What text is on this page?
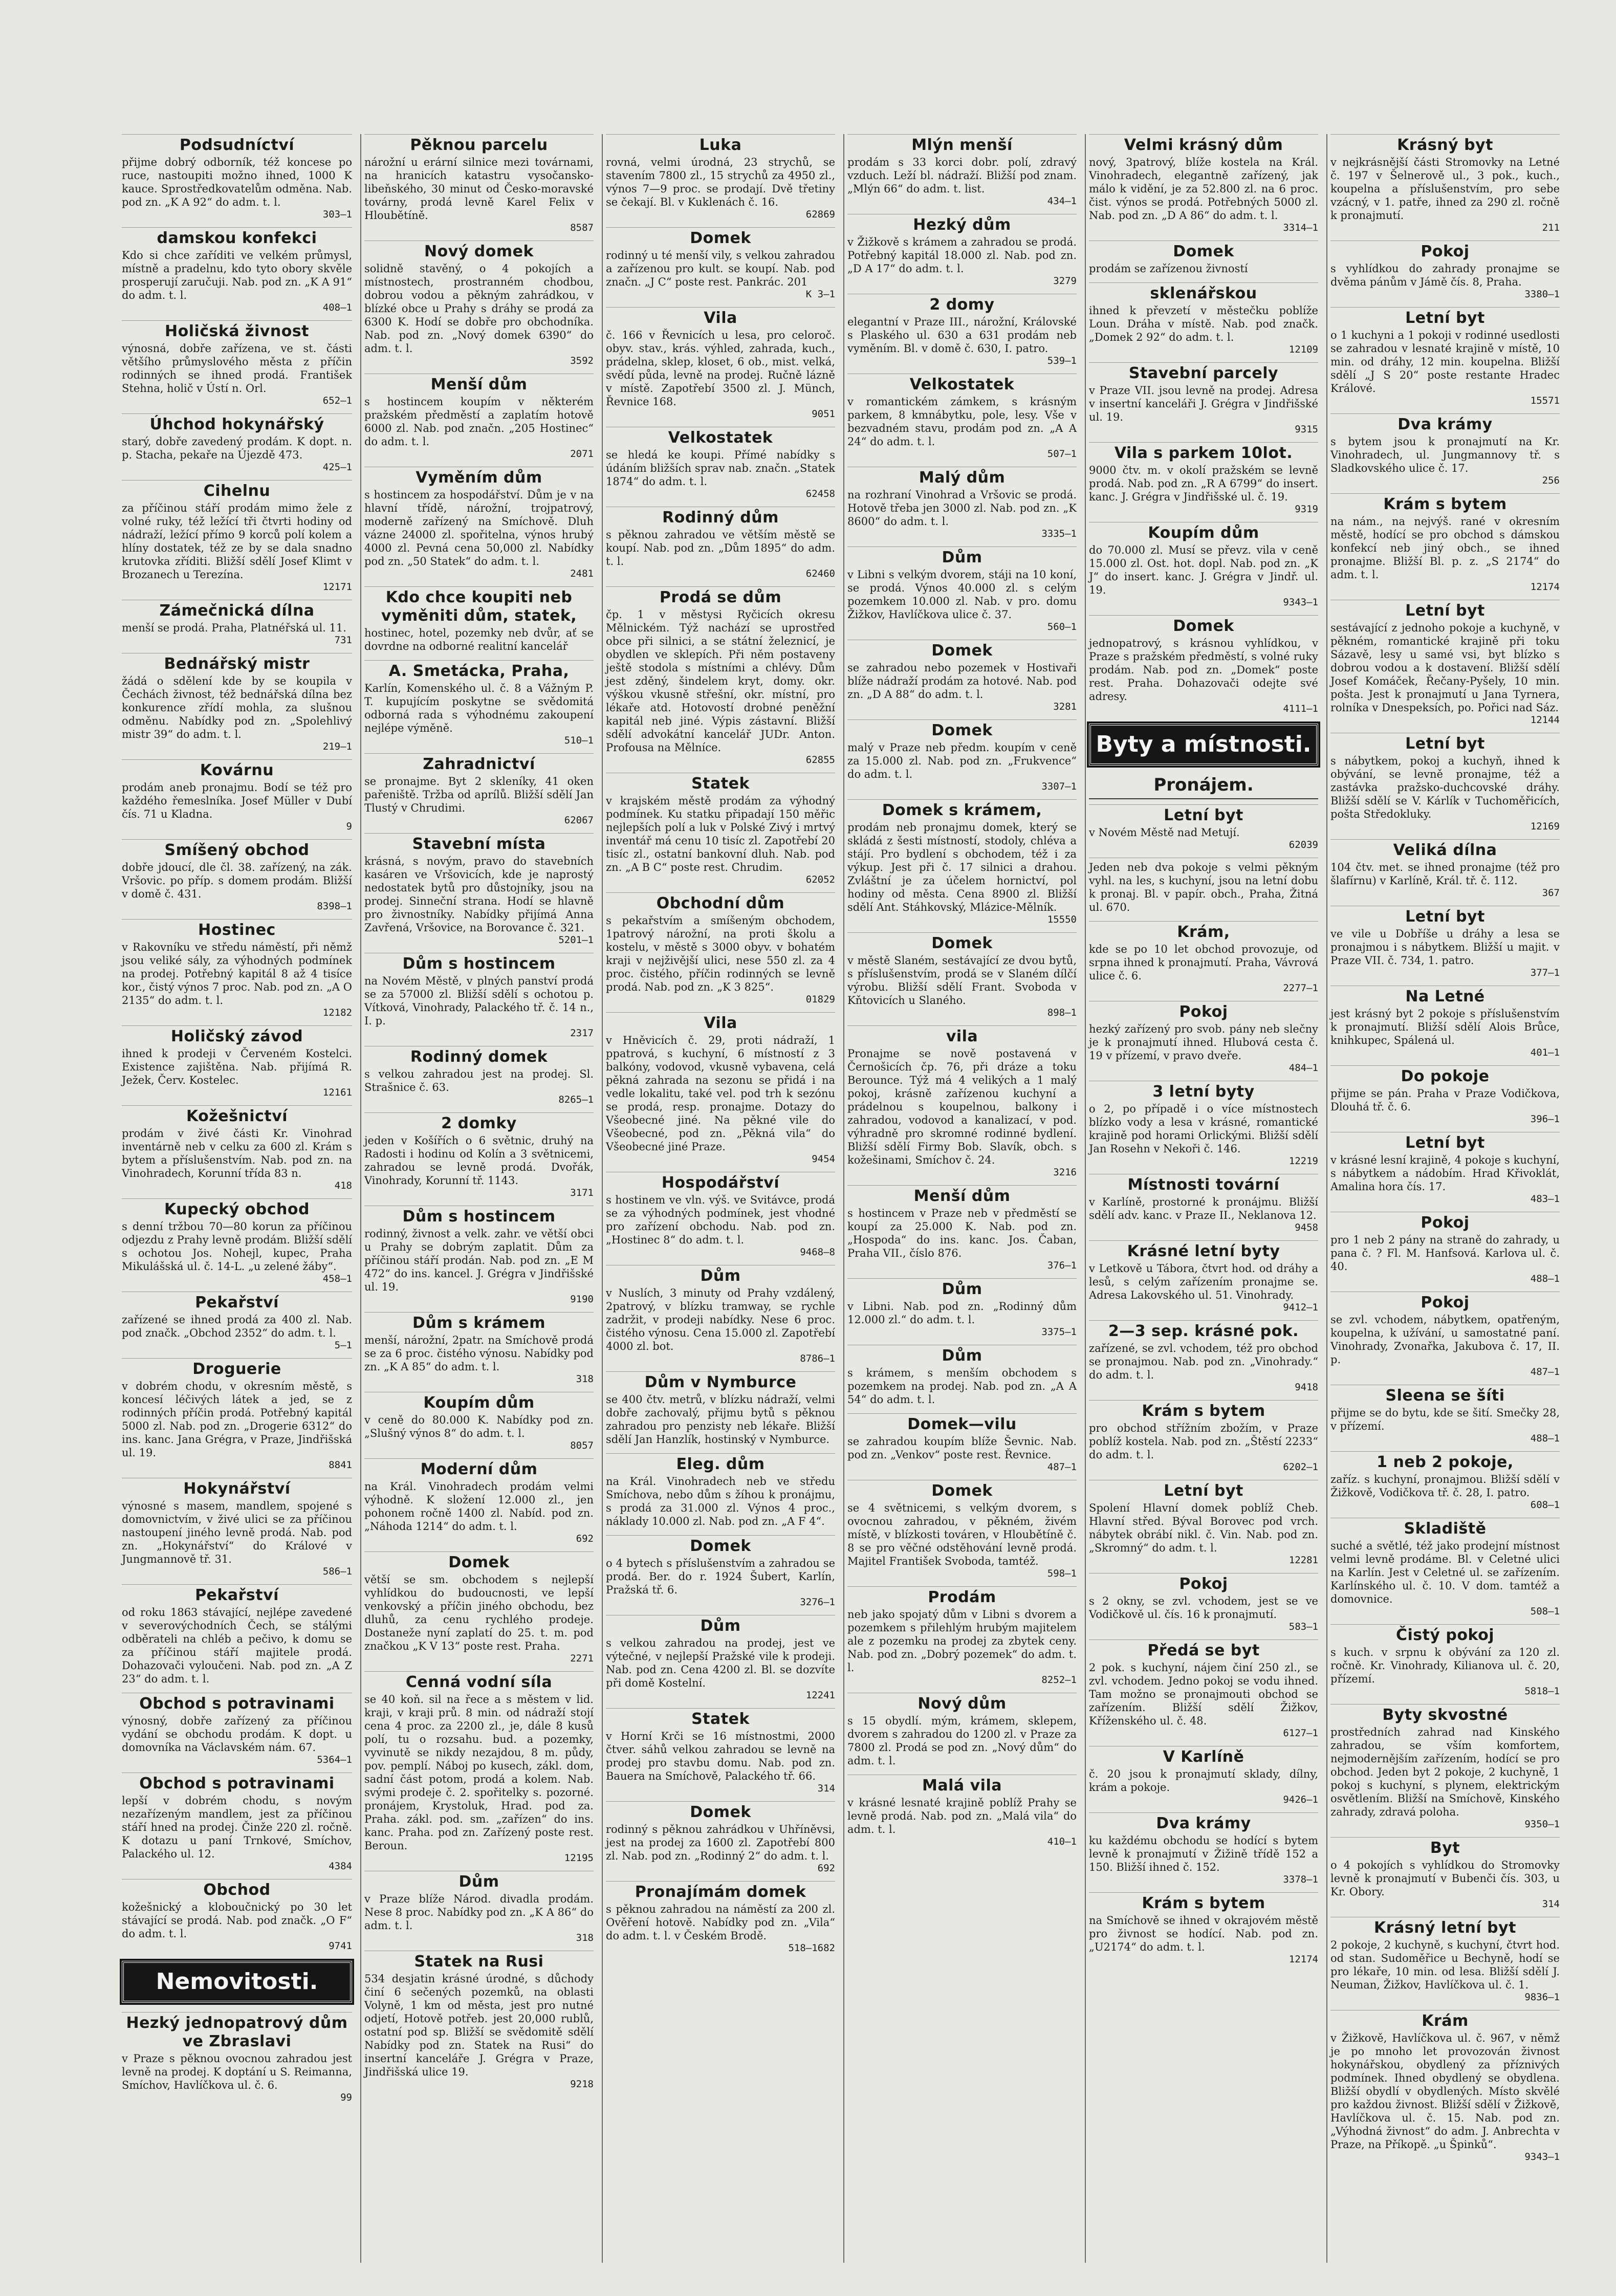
Podsudníctví
přijme dobrý odborník, též koncese po ruce, nastoupiti možno ihned, 1000 K kauce. Sprostředkovatelům odměna. Nab. pod zn. „K A 92“ do adm. t. l.
303—1
damskou konfekci
Kdo si chce zaříditi ve velkém průmysl, místně a pradelnu, kdo tyto obory skvěle prosperují zaručuji. Nab. pod zn. „K A 91“ do adm. t. l.
408—1
Holičská živnost
výnosná, dobře zařízena, ve st. části většího průmyslového města z příčin rodinných se ihned prodá. František Stehna, holič v Ústí n. Orl.
652—1
Úhchod hokynářský
starý, dobře zavedený prodám. K dopt. n. p. Stacha, pekaře na Újezdě 473.
425—1
Cihelnu
za příčinou stáří prodám mimo žele z volné ruky, též ležící tři čtvrti hodiny od nádraží, ležící přímo 9 korců polí kolem a hlíny dostatek, též ze by se dala snadno krutovka zříditi. Bližší sdělí Josef Klimt v Brozanech u Terezína.
12171
Zámečnická dílna
menší se prodá. Praha, Platnéřská ul. 11.
731
Bednářský mistr
žádá o sdělení kde by se koupila v Čechách živnost, též bednářská dílna bez konkurence zřídí mohla, za slušnou odměnu. Nabídky pod zn. „Spolehlivý mistr 39“ do adm. t. l.
219—1
Kovárnu
prodám aneb pronajmu. Bodí se též pro každého řemeslníka. Josef Müller v Dubí čís. 71 u Kladna.
9
Smíšený obchod
dobře jdoucí, dle čl. 38. zařízený, na zák. Vršovic. po příp. s domem prodám. Bližší v domě č. 431.
8398—1
Hostinec
v Rakovníku ve středu náměstí, při němž jsou veliké sály, za výhodných podmínek na prodej. Potřebný kapitál 8 až 4 tisíce kor., čistý výnos 7 proc. Nab. pod zn. „A O 2135“ do adm. t. l.
12182
Holičský závod
ihned k prodeji v Červeném Kostelci. Existence zajištěna. Nab. přijímá R. Ježek, Červ. Kostelec.
12161
Kožešnictví
prodám v živé části Kr. Vinohrad inventárně neb v celku za 600 zl. Krám s bytem a příslušenstvím. Nab. pod zn. na Vinohradech, Korunní třída 83 n.
418
Kupecký obchod
s denní tržbou 70—80 korun za příčinou odjezdu z Prahy levně prodám. Bližší sdělí s ochotou Jos. Nohejl, kupec, Praha Mikulášská ul. č. 14-L. „u zelené žáby“.
458—1
Pekařství
zařízené se ihned prodá za 400 zl. Nab. pod značk. „Obchod 2352“ do adm. t. l.
5—1
Droguerie
v dobrém chodu, v okresním městě, s koncesí léčivých látek a jed, se z rodinných příčin prodá. Potřebný kapitál 5000 zl. Nab. pod zn. „Drogerie 6312“ do ins. kanc. Jana Grégra, v Praze, Jindřišská ul. 19.
8841
Hokynářství
výnosné s masem, mandlem, spojené s domovnictvím, v živé ulici se za příčinou nastoupení jiného levně prodá. Nab. pod zn. „Hokynářství“ do Králové v Jungmannově tř. 31.
586—1
Pekařství
od roku 1863 stávající, nejlépe zavedené v severovýchodních Čech, se stálými odběrateli na chléb a pečivo, k domu se za příčinou stáří majitele prodá. Dohazovači vyloučeni. Nab. pod zn. „A Z 23“ do adm. t. l.
Obchod s potravinami
výnosný, dobře zařízený za příčinou vydání se obchodu prodám. K dopt. u domovníka na Václavském nám. 67.
5364—1
Obchod s potravinami
lepší v dobrém chodu, s novým nezařízeným mandlem, jest za příčinou stáří hned na prodej. Činže 220 zl. ročně. K dotazu u paní Trnkové, Smíchov, Palackého ul. 12.
4384
Obchod
kožešnický a kloboučnický po 30 let stávající se prodá. Nab. pod značk. „O F“ do adm. t. l.
9741
Nemovitosti.
Hezký jednopatrový dům ve Zbraslavi
v Praze s pěknou ovocnou zahradou jest levně na prodej. K doptání u S. Reimanna, Smíchov, Havlíčkova ul. č. 6.
99
Pěknou parcelu
nárožní u erární silnice mezi továrnami, na hranicích katastru vysočansko-libeňského, 30 minut od Česko-moravské továrny, prodá levně Karel Felix v Hloubětíně.
8587
Nový domek
solidně stavěný, o 4 pokojích a místnostech, prostranném chodbou, dobrou vodou a pěkným zahrádkou, v blízké obce u Prahy s dráhy se prodá za 6300 K. Hodí se dobře pro obchodníka. Nab. pod zn. „Nový domek 6390“ do adm. t. l.
3592
Menší dům
s hostincem koupím v některém pražském předměstí a zaplatím hotově 6000 zl. Nab. pod značn. „205 Hostinec“ do adm. t. l.
2071
Vyměním dům
s hostincem za hospodářství. Dům je v na hlavní třídě, nárožní, trojpatrový, moderně zařízený na Smíchově. Dluh vázne 24000 zl. spořitelna, výnos hrubý 4000 zl. Pevná cena 50,000 zl. Nabídky pod zn. „50 Statek“ do adm. t. l.
2481
Kdo chce koupiti neb vyměniti dům, statek,
hostinec, hotel, pozemky neb dvůr, ať se dovrdne na odborné realitní kancelář
A. Smetácka, Praha,
Karlín, Komenského ul. č. 8 a Vážným P. T. kupujícím poskytne se svědomitá odborná rada s výhodnému zakoupení nejlépe výměně.
510—1
Zahradnictví
se pronajme. Byt 2 skleníky, 41 oken pařeniště. Tržba od aprílů. Bližší sdělí Jan Tlustý v Chrudimi.
62067
Stavební místa
krásná, s novým, pravo do stavebních kasáren ve Vršovicích, kde je naprostý nedostatek bytů pro důstojníky, jsou na prodej. Sinneční strana. Hodí se hlavně pro živnostníky. Nabídky přijímá Anna Zavřená, Vršovice, na Borovance č. 321.
5201—1
Dům s hostincem
na Novém Městě, v plných panství prodá se za 57000 zl. Bližší sdělí s ochotou p. Vítková, Vinohrady, Palackého tř. č. 14 n., I. p.
2317
Rodinný domek
s velkou zahradou jest na prodej. Sl. Strašnice č. 63.
8265—1
2 domky
jeden v Košířích o 6 světnic, druhý na Radosti i hodinu od Kolín a 3 světnicemi, zahradou se levně prodá. Dvořák, Vinohrady, Korunní tř. 1143.
3171
Dům s hostincem
rodinný, živnost a velk. zahr. ve větší obci u Prahy se dobrým zaplatit. Dům za příčinou stáří prodán. Nab. pod zn. „E M 472“ do ins. kancel. J. Grégra v Jindřišské ul. 19.
9190
Dům s krámem
menší, nárožní, 2patr. na Smíchově prodá se za 6 proc. čistého výnosu. Nabídky pod zn. „K A 85“ do adm. t. l.
318
Koupím dům
v ceně do 80.000 K. Nabídky pod zn. „Slušný výnos 8“ do adm. t. l.
8057
Moderní dům
na Král. Vinohradech prodám velmi výhodně. K složení 12.000 zl., jen pohonem ročně 1400 zl. Nabíd. pod zn. „Náhoda 1214“ do adm. t. l.
692
Domek
větší se sm. obchodem s nejlepší vyhlídkou do budoucnosti, ve lepší venkovský a příčin jiného obchodu, bez dluhů, za cenu rychlého prodeje. Dostaneže nyní zaplatí do 25. t. m. pod značkou „K V 13“ poste rest. Praha.
2271
Cenná vodní síla
se 40 koň. sil na řece a s městem v lid. kraji, v kraji prů. 8 min. od nádraží stojí cena 4 proc. za 2200 zl., je, dále 8 kusů polí, tu o rozsahu. bud. a pozemky, vyvinutě se nikdy nezajdou, 8 m. půdy, pov. pemplí. Náboj po kusech, zákl. dom, sadní část potom, prodá a kolem. Nab. svými prodeje č. 2. spořitelky s. pozorné. pronájem, Krystoluk, Hrad. pod za. Praha. zákl. pod. sm. „zařízen“ do ins. kanc. Praha. pod zn. Zařízený poste rest. Beroun.
12195
Dům
v Praze blíže Národ. divadla prodám. Nese 8 proc. Nabídky pod zn. „K A 86“ do adm. t. l.
318
Statek na Rusi
534 desjatin krásné úrodné, s důchody činí 6 sečených pozemků, na oblasti Volyně, 1 km od města, jest pro nutné odjetí, Hotově potřeb. jest 20,000 rublů, ostatní pod sp. Bližší se svědomitě sdělí Nabídky pod zn. Statek na Rusi“ do insertní kanceláře J. Grégra v Praze, Jindřišská ulice 19.
9218
Luka
rovná, velmi úrodná, 23 strychů, se stavením 7800 zl., 15 strychů za 4950 zl., výnos 7—9 proc. se prodají. Dvě třetiny se čekají. Bl. v Kuklenách č. 16.
62869
Domek
rodinný u té menší vily, s velkou zahradou a zařízenou pro kult. se koupí. Nab. pod značn. „J C“ poste rest. Pankrác. 201
K 3—1
Vila
č. 166 v Řevnicích u lesa, pro celoroč. obyv. stav., krás. výhled, zahrada, kuch., prádelna, sklep, kloset, 6 ob., mist. velká, svědí půda, levně na prodej. Ručně lázně v místě. Zapotřebí 3500 zl. J. Münch, Řevnice 168.
9051
Velkostatek
se hledá ke koupi. Přímé nabídky s údáním bližších sprav nab. značn. „Statek 1874“ do adm. t. l.
62458
Rodinný dům
s pěknou zahradou ve větším městě se koupí. Nab. pod zn. „Dům 1895“ do adm. t. l.
62460
Prodá se dům
čp. 1 v městysi Ryčicích okresu Mělnickém. Týž nachází se uprostřed obce při silnici, a se státní železnicí, je obydlen ve sklepích. Při něm postaveny ještě stodola s místními a chlévy. Dům jest zděný, šindelem kryt, domy. okr. výškou vkusně střešní, okr. místní, pro lékaře atd. Hotovostí drobné peněžní kapitál neb jiné. Výpis zástavní. Bližší sdělí advokátní kancelář JUDr. Anton. Profousa na Mělníce.
62855
Statek
v krajském městě prodám za výhodný podmínek. Ku statku připadají 150 měřic nejlepších polí a luk v Polské Zivý i mrtvý inventář má cenu 10 tisíc zl. Zapotřebí 20 tisíc zl., ostatní bankovní dluh. Nab. pod zn. „A B C“ poste rest. Chrudim.
62052
Obchodní dům
s pekařstvím a smíšeným obchodem, 1patrový nárožní, na proti školu a kostelu, v městě s 3000 obyv. v bohatém kraji v nejživější ulici, nese 550 zl. za 4 proc. čistého, příčin rodinných se levně prodá. Nab. pod zn. „K 3 825“.
01829
Vila
v Hněvicích č. 29, proti nádraží, 1 ppatrová, s kuchyní, 6 místností z 3 balkóny, vodovod, vkusně vybavena, celá pěkná zahrada na sezonu se přidá i na vedle lokalitu, také vel. pod trh k sezónu se prodá, resp. pronajme. Dotazy do Všeobecné jiné. Na pěkné vile do Všeobecné, pod zn. „Pěkná vila“ do Všeobecné jiné Praze.
9454
Hospodářství
s hostinem ve vln. výš. ve Svitávce, prodá se za výhodných podmínek, jest vhodné pro zařízení obchodu. Nab. pod zn. „Hostinec 8“ do adm. t. l.
9468—8
Dům
v Nuslích, 3 minuty od Prahy vzdálený, 2patrový, v blízku tramway, se rychle zadržit, v prodeji nabídky. Nese 6 proc. čistého výnosu. Cena 15.000 zl. Zapotřebí 4000 zl. bot.
8786—1
Dům v Nymburce
se 400 čtv. metrů, v blízku nádraží, velmi dobře zachovalý, přijmu bytů s pěknou zahradou pro penzisty neb lékaře. Bližší sdělí Jan Hanzlík, hostinský v Nymburce.
Eleg. dům
na Král. Vinohradech neb ve středu Smíchova, nebo dům s žíhou k pronájmu, s prodá za 31.000 zl. Výnos 4 proc., náklady 10.000 zl. Nab. pod zn. „A F 4“.
Domek
o 4 bytech s příslušenstvím a zahradou se prodá. Ber. do r. 1924 Šubert, Karlín, Pražská tř. 6.
3276—1
Dům
s velkou zahradou na prodej, jest ve výtečné, v nejlepší Pražské vile k prodeji. Nab. pod zn. Cena 4200 zl. Bl. se dozvíte při domě Kostelní.
12241
Statek
v Horní Krči se 16 místnostmi, 2000 čtver. sáhů velkou zahradou se levně na prodej pro stavbu domu. Nab. pod zn. Bauera na Smíchově, Palackého tř. 66.
314
Domek
rodinný s pěknou zahrádkou v Uhříněvsi, jest na prodej za 1600 zl. Zapotřebí 800 zl. Nab. pod zn. „Rodinný 2“ do adm. t. l.
692
Pronajímám domek
s pěknou zahradou na náměstí za 200 zl. Ověření hotově. Nabídky pod zn. „Vila“ do adm. t. l. v Českém Brodě.
518—1682
Mlýn menší
prodám s 33 korci dobr. polí, zdravý vzduch. Leží bl. nádraží. Bližší pod znam. „Mlýn 66“ do adm. t. list.
434—1
Hezký dům
v Žižkově s krámem a zahradou se prodá. Potřebný kapitál 18.000 zl. Nab. pod zn. „D A 17“ do adm. t. l.
3279
2 domy
elegantní v Praze III., nárožní, Královské s Plaského ul. 630 a 631 prodám neb vyměním. Bl. v domě č. 630, I. patro.
539—1
Velkostatek
v romantickém zámkem, s krásným parkem, 8 kmnábytku, pole, lesy. Vše v bezvadném stavu, prodám pod zn. „A A 24“ do adm. t. l.
507—1
Malý dům
na rozhraní Vinohrad a Vršovic se prodá. Hotově třeba jen 3000 zl. Nab. pod zn. „K 8600“ do adm. t. l.
3335—1
Dům
v Libni s velkým dvorem, stáji na 10 koní, se prodá. Výnos 40.000 zl. s celým pozemkem 10.000 zl. Nab. v pro. domu Žižkov, Havlíčkova ulice č. 37.
560—1
Domek
se zahradou nebo pozemek v Hostivaři blíže nádraží prodám za hotové. Nab. pod zn. „D A 88“ do adm. t. l.
3281
Domek
malý v Praze neb předm. koupím v ceně za 15.000 zl. Nab. pod zn. „Frukvence“ do adm. t. l.
3307—1
Domek s krámem,
prodám neb pronajmu domek, který se skládá z šesti místností, stodoly, chléva a stájí. Pro bydlení s obchodem, též i za výkup. Jest při č. 17 silnici a drahou. Zvláštní je za účelem hornictví, pol hodiny od města. Cena 8900 zl. Bližší sdělí Ant. Stáhkovský, Mlázice-Mělník.
15550
Domek
v městě Slaném, sestávající ze dvou bytů, s příslušenstvím, prodá se v Slaném dílčí výrobu. Bližší sdělí Frant. Svoboda v Kňtovicích u Slaného.
898—1
vila
Pronajme se nově postavená v Černošicích čp. 76, při dráze a toku Berounce. Týž má 4 velikých a 1 malý pokoj, krásně zařízenou kuchyní a prádelnou s koupelnou, balkony i zahradou, vodovod a kanalizací, v pod. výhradně pro skromné rodinné bydlení. Bližší sdělí Firmy Bob. Slavík, obch. s kožešinami, Smíchov č. 24.
3216
Menší dům
s hostincem v Praze neb v předměstí se koupí za 25.000 K. Nab. pod zn. „Hospoda“ do ins. kanc. Jos. Čaban, Praha VII., číslo 876.
376—1
Dům
v Libni. Nab. pod zn. „Rodinný dům 12.000 zl.“ do adm. t. l.
3375—1
Dům
s krámem, s menším obchodem s pozemkem na prodej. Nab. pod zn. „A A 54“ do adm. t. l.
Domek—vilu
se zahradou koupím blíže Ševnic. Nab. pod zn. „Venkov“ poste rest. Řevnice.
487—1
Domek
se 4 světnicemi, s velkým dvorem, s ovocnou zahradou, v pěkném, živém místě, v blízkosti továren, v Hloubětíně č. 8 se pro věčné odstěhování levně prodá. Majitel František Svoboda, tamtéž.
598—1
Prodám
neb jako spojatý dům v Libni s dvorem a pozemkem s přilehlým hrubým majitelem ale z pozemku na prodej za zbytek ceny. Nab. pod zn. „Dobrý pozemek“ do adm. t. l.
8252—1
Nový dům
s 15 obydlí. mým, krámem, sklepem, dvorem s zahradou do 1200 zl. v Praze za 7800 zl. Prodá se pod zn. „Nový dům“ do adm. t. l.
Malá vila
v krásné lesnaté krajině poblíž Prahy se levně prodá. Nab. pod zn. „Malá vila“ do adm. t. l.
410—1
Velmi krásný dům
nový, 3patrový, blíže kostela na Král. Vinohradech, elegantně zařízený, jak málo k vidění, je za 52.800 zl. na 6 proc. čist. výnos se prodá. Potřebných 5000 zl. Nab. pod zn. „D A 86“ do adm. t. l.
3314—1
Domek
prodám se zařízenou živností
sklenářskou
ihned k převzetí v městečku poblíže Loun. Dráha v místě. Nab. pod značk. „Domek 2 92“ do adm. t. l.
12109
Stavební parcely
v Praze VII. jsou levně na prodej. Adresa v insertní kanceláři J. Grégra v Jindřišské ul. 19.
9315
Vila s parkem 10lot.
9000 čtv. m. v okolí pražském se levně prodá. Nab. pod zn. „R A 6799“ do insert. kanc. J. Grégra v Jindřišské ul. č. 19.
9319
Koupím dům
do 70.000 zl. Musí se převz. vila v ceně 15.000 zl. Ost. hot. dopl. Nab. pod zn. „K J“ do insert. kanc. J. Grégra v Jindř. ul. 19.
9343—1
Domek
jednopatrový, s krásnou vyhlídkou, v Praze s pražském předměstí, s volné ruky prodám. Nab. pod zn. „Domek“ poste rest. Praha. Dohazovači odejte své adresy.
4111—1
Byty a místnosti.
Pronájem.
Letní byt
v Novém Městě nad Metují.
62039
Jeden neb dva pokoje s velmi pěkným vyhl. na les, s kuchyní, jsou na letní dobu k pronaj. Bl. v papír. obch., Praha, Žitná ul. 670.
Krám,
kde se po 10 let obchod provozuje, od srpna ihned k pronajmutí. Praha, Vávrová ulice č. 6.
2277—1
Pokoj
hezký zařízený pro svob. pány neb slečny je k pronajmutí ihned. Hlubová cesta č. 19 v přízemí, v pravo dveře.
484—1
3 letní byty
o 2, po případě i o více místnostech blízko vody a lesa v krásné, romantické krajině pod horami Orlickými. Bližší sdělí Jan Rosehn v Nekoři č. 146.
12219
Místnosti tovární
v Karlíně, prostorné k pronájmu. Bližší sdělí adv. kanc. v Praze II., Neklanova 12.
9458
Krásné letní byty
v Letkově u Tábora, čtvrt hod. od dráhy a lesů, s celým zařízením pronajme se. Adresa Lakovského ul. 51. Vinohrady.
9412—1
2—3 sep. krásné pok.
zařízené, se zvl. vchodem, též pro obchod se pronajmou. Nab. pod zn. „Vinohrady.“ do adm. t. l.
9418
Krám s bytem
pro obchod střížním zbožím, v Praze poblíž kostela. Nab. pod zn. „Štěstí 2233“ do adm. t. l.
6202—1
Letní byt
Spolení Hlavní domek poblíž Cheb. Hlavní střed. Býval Borovec pod vrch. nábytek obrábí nikl. č. Vin. Nab. pod zn. „Skromný“ do adm. t. l.
12281
Pokoj
s 2 okny, se zvl. vchodem, jest se ve Vodičkově ul. čís. 16 k pronajmutí.
583—1
Předá se byt
2 pok. s kuchyní, nájem činí 250 zl., se zvl. vchodem. Jedno pokoj se vodu ihned. Tam možno se pronajmouti obchod se zařízením. Bližší sdělí Žižkov, Kříženského ul. č. 48.
6127—1
V Karlíně
č. 20 jsou k pronajmutí sklady, dílny, krám a pokoje.
9426—1
Dva krámy
ku každému obchodu se hodící s bytem levně k pronajmutí v Žižině třídě 152 a 150. Bližší ihned č. 152.
3378—1
Krám s bytem
na Smíchově se ihned v okrajovém městě pro živnost se hodící. Nab. pod zn. „U2174“ do adm. t. l.
12174
Krásný byt
v nejkrásnější části Stromovky na Letné č. 197 v Šelnerově ul., 3 pok., kuch., koupelna a příslušenstvím, pro sebe vzácný, v 1. patře, ihned za 290 zl. ročně k pronajmutí.
211
Pokoj
s vyhlídkou do zahrady pronajme se dvěma pánům v Jámě čís. 8, Praha.
3380—1
Letní byt
o 1 kuchyni a 1 pokoji v rodinné usedlosti se zahradou v lesnaté krajině v místě, 10 min. od dráhy, 12 min. koupelna. Bližší sdělí „J S 20“ poste restante Hradec Králové.
15571
Dva krámy
s bytem jsou k pronajmutí na Kr. Vinohradech, ul. Jungmannovy tř. s Sladkovského ulice č. 17.
256
Krám s bytem
na nám., na nejvýš. rané v okresním městě, hodící se pro obchod s dámskou konfekcí neb jiný obch., se ihned pronajme. Bližší Bl. p. z. „S 2174“ do adm. t. l.
12174
Letní byt
sestávající z jednoho pokoje a kuchyně, v pěkném, romantické krajině při toku Sázavě, lesy u samé vsi, byt blízko s dobrou vodou a k dostavení. Bližší sdělí Josef Komáček, Řečany-Pyšely, 10 min. pošta. Jest k pronajmutí u Jana Tyrnera, rolníka v Dnespeksích, po. Pořici nad Sáz.
12144
Letní byt
s nábytkem, pokoj a kuchyň, ihned k obývání, se levně pronajme, též a zastávka pražsko-duchcovské dráhy. Bližší sdělí se V. Kárlík v Tuchoměřicích, pošta Středokluky.
12169
Veliká dílna
104 čtv. met. se ihned pronajme (též pro šlafírnu) v Karlíně, Král. tř. č. 112.
367
Letní byt
ve vile u Dobříše u dráhy a lesa se pronajmou i s nábytkem. Bližší u majit. v Praze VII. č. 734, 1. patro.
377—1
Na Letné
jest krásný byt 2 pokoje s příslušenstvím k pronajmutí. Bližší sdělí Alois Brůce, knihkupec, Spálená ul.
401—1
Do pokoje
přijme se pán. Praha v Praze Vodičkova, Dlouhá tř. č. 6.
396—1
Letní byt
v krásné lesní krajině, 4 pokoje s kuchyní, s nábytkem a nádobím. Hrad Křivoklát, Amalina hora čís. 17.
483—1
Pokoj
pro 1 neb 2 pány na straně do zahrady, u pana č. ? Fl. M. Hanfsová. Karlova ul. č. 40.
488—1
Pokoj
se zvl. vchodem, nábytkem, opatřeným, koupelna, k užívání, u samostatné paní. Vinohrady, Zvonařka, Jakubova č. 17, II. p.
487—1
Sleena se šíti
přijme se do bytu, kde se šití. Smečky 28, v přízemí.
488—1
1 neb 2 pokoje,
zaříz. s kuchyní, pronajmou. Bližší sdělí v Žižkově, Vodičkova tř. č. 28, I. patro.
608—1
Skladiště
suché a světlé, též jako prodejní místnost velmi levně prodáme. Bl. v Celetné ulici na Karlín. Jest v Celetné ul. se zařízením. Karlínského ul. č. 10. V dom. tamtéž a domovnice.
508—1
Čistý pokoj
s kuch. v srpnu k obývání za 120 zl. ročně. Kr. Vinohrady, Kilianova ul. č. 20, přízemí.
5818—1
Byty skvostné
prostředních zahrad nad Kinského zahradou, se vším komfortem, nejmodernějším zařízením, hodící se pro obchod. Jeden byt 2 pokoje, 2 kuchyně, 1 pokoj s kuchyní, s plynem, elektrickým osvětlením. Bližší na Smíchově, Kinského zahrady, zdravá poloha.
9350—1
Byt
o 4 pokojích s vyhlídkou do Stromovky levně k pronajmutí v Bubenči čís. 303, u Kr. Obory.
314
Krásný letní byt
2 pokoje, 2 kuchyně, s kuchyní, čtvrt hod. od stan. Sudoměřice u Bechyně, hodí se pro lékaře, 10 min. od lesa. Bližší sdělí J. Neuman, Žižkov, Havlíčkova ul. č. 1.
9836—1
Krám
v Žižkově, Havlíčkova ul. č. 967, v němž je po mnoho let provozován živnost hokynářskou, obydlený za příznivých podmínek. Ihned obydlený se obydlena. Bližší obydlí v obydlených. Místo skvělé pro každou živnost. Bližší sdělí v Žižkově, Havlíčkova ul. č. 15. Nab. pod zn. „Výhodná živnost“ do adm. J. Anbrechta v Praze, na Příkopě. „u Špinků“.
9343—1
